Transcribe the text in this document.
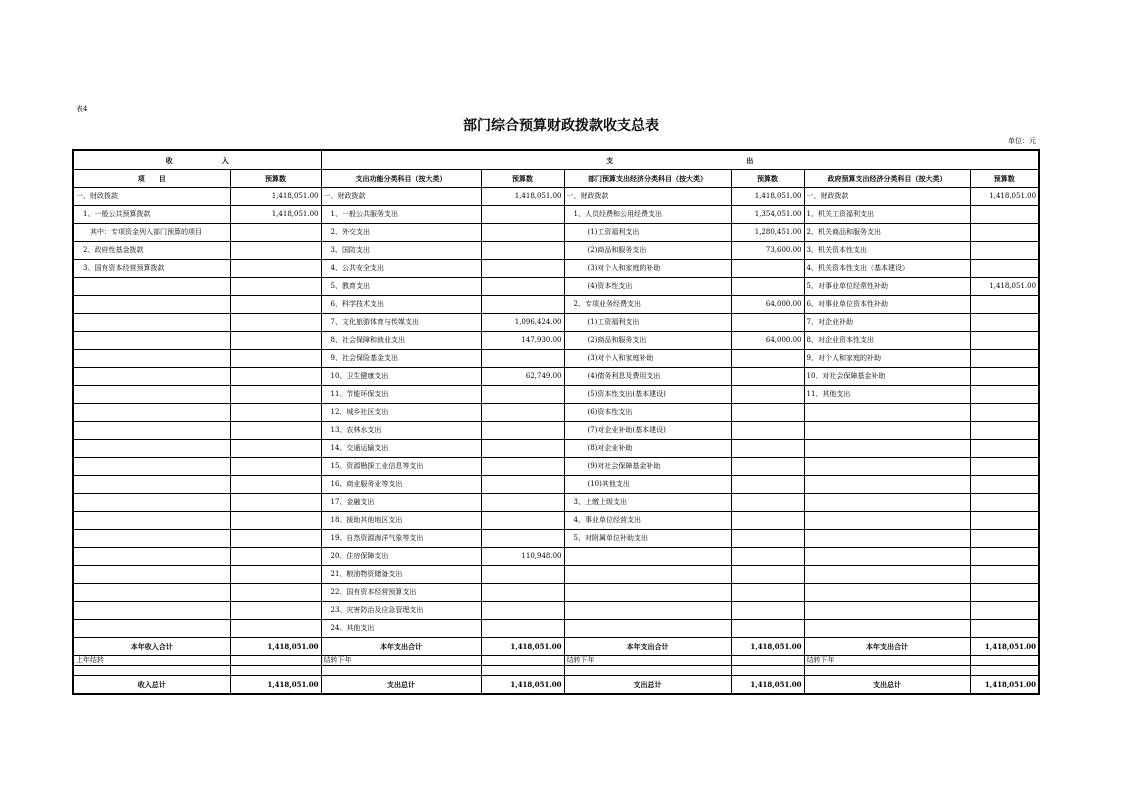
表4
部门综合预算财政拨款收支总表
单位：元
收　　　　　　　入		支　　　　　　　　　　　　　　　　　　　出					
项　　目	预算数	支出功能分类科目（按大类）	预算数	部门预算支出经济分类科目（按大类）	预算数	政府预算支出经济分类科目（按大类）	预算数
一、财政拨款	1,418,051.00	一、财政拨款	1,418,051.00	一、财政拨款	1,418,051.00	一、财政拨款	1,418,051.00
　1、一般公共预算拨款	1,418,051.00	　1、一般公共服务支出		　1、人员经费和公用经费支出	1,354,051.00	1、机关工资福利支出	
　　其中：专项资金列入部门预算的项目		　2、外交支出		　　　(1)工资福利支出	1,280,451.00	2、机关商品和服务支出	
　2、政府性基金拨款		　3、国防支出		　　　(2)商品和服务支出	73,600.00	3、机关资本性支出	
　3、国有资本经营预算拨款		　4、公共安全支出		　　　(3)对个人和家庭的补助		4、机关资本性支出（基本建设）	
		　5、教育支出		　　　(4)资本性支出		5、对事业单位经常性补助	1,418,051.00
		　6、科学技术支出		　2、专项业务经费支出	64,000.00	6、对事业单位资本性补助	
		　7、文化旅游体育与传媒支出	1,096,424.00	　　　(1)工资福利支出		7、对企业补助	
		　8、社会保障和就业支出	147,930.00	　　　(2)商品和服务支出	64,000.00	8、对企业资本性支出	
		　9、社会保险基金支出		　　　(3)对个人和家庭补助		9、对个人和家庭的补助	
		　10、卫生健康支出	62,749.00	　　　(4)债务利息及费用支出		10、对社会保障基金补助	
		　11、节能环保支出		　　　(5)资本性支出(基本建设)		11、其他支出	
		　12、城乡社区支出		　　　(6)资本性支出			
		　13、农林水支出		　　　(7)对企业补助(基本建设)			
		　14、交通运输支出		　　　(8)对企业补助			
		　15、资源勘探工业信息等支出		　　　(9)对社会保障基金补助			
		　16、商业服务业等支出		　　　(10)其他支出			
		　17、金融支出		　3、上缴上级支出			
		　18、援助其他地区支出		　4、事业单位经营支出			
		　19、自然资源海洋气象等支出		　5、对附属单位补助支出			
		　20、住房保障支出	110,948.00				
		　21、粮油物资储备支出					
		　22、国有资本经营预算支出					
		　23、灾害防治及应急管理支出					
		　24、其他支出					
本年收入合计	1,418,051.00	本年支出合计	1,418,051.00	本年支出合计	1,418,051.00	本年支出合计	1,418,051.00
上年结转		结转下年		结转下年		结转下年	

收入总计	1,418,051.00	支出总计	1,418,051.00	支出总计	1,418,051.00	支出总计	1,418,051.00
